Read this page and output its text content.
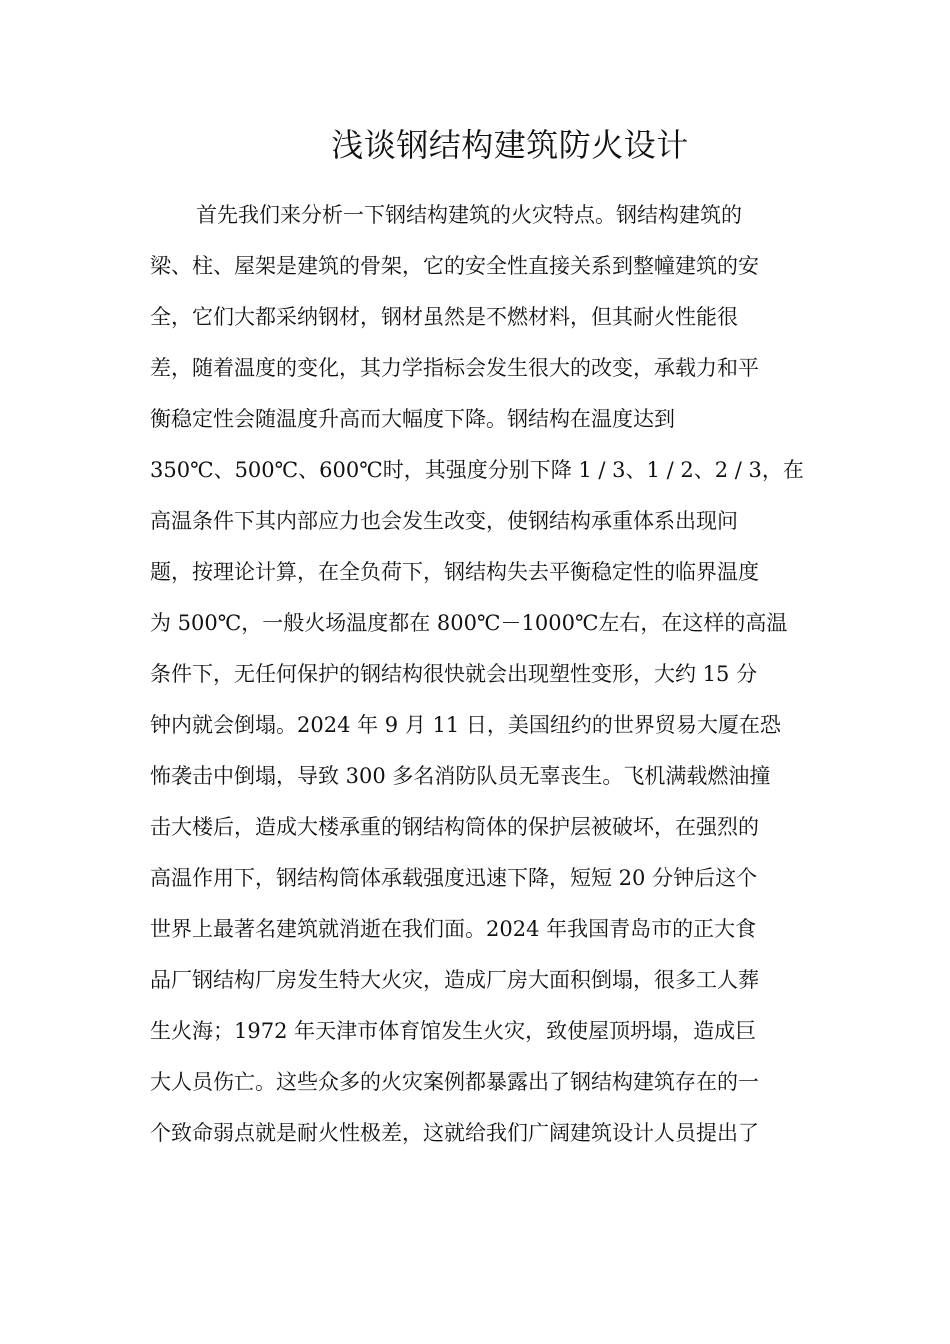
浅谈钢结构建筑防火设计
首先我们来分析一下钢结构建筑的火灾特点。钢结构建筑的
梁、柱、屋架是建筑的骨架，它的安全性直接关系到整幢建筑的安
全，它们大都采纳钢材，钢材虽然是不燃材料，但其耐火性能很
差，随着温度的变化，其力学指标会发生很大的改变，承载力和平
衡稳定性会随温度升高而大幅度下降。钢结构在温度达到
350℃、500℃、600℃时，其强度分别下降 1 / 3、1 / 2、2 / 3，在
高温条件下其内部应力也会发生改变，使钢结构承重体系出现问
题，按理论计算，在全负荷下，钢结构失去平衡稳定性的临界温度
为 500℃，一般火场温度都在 800℃－1000℃左右，在这样的高温
条件下，无任何保护的钢结构很快就会出现塑性变形，大约 15 分
钟内就会倒塌。2024 年 9 月 11 日，美国纽约的世界贸易大厦在恐
怖袭击中倒塌，导致 300 多名消防队员无辜丧生。飞机满载燃油撞
击大楼后，造成大楼承重的钢结构筒体的保护层被破坏，在强烈的
高温作用下，钢结构筒体承载强度迅速下降，短短 20 分钟后这个
世界上最著名建筑就消逝在我们面。2024 年我国青岛市的正大食
品厂钢结构厂房发生特大火灾，造成厂房大面积倒塌，很多工人葬
生火海；1972 年天津市体育馆发生火灾，致使屋顶坍塌，造成巨
大人员伤亡。这些众多的火灾案例都暴露出了钢结构建筑存在的一
个致命弱点就是耐火性极差，这就给我们广阔建筑设计人员提出了
